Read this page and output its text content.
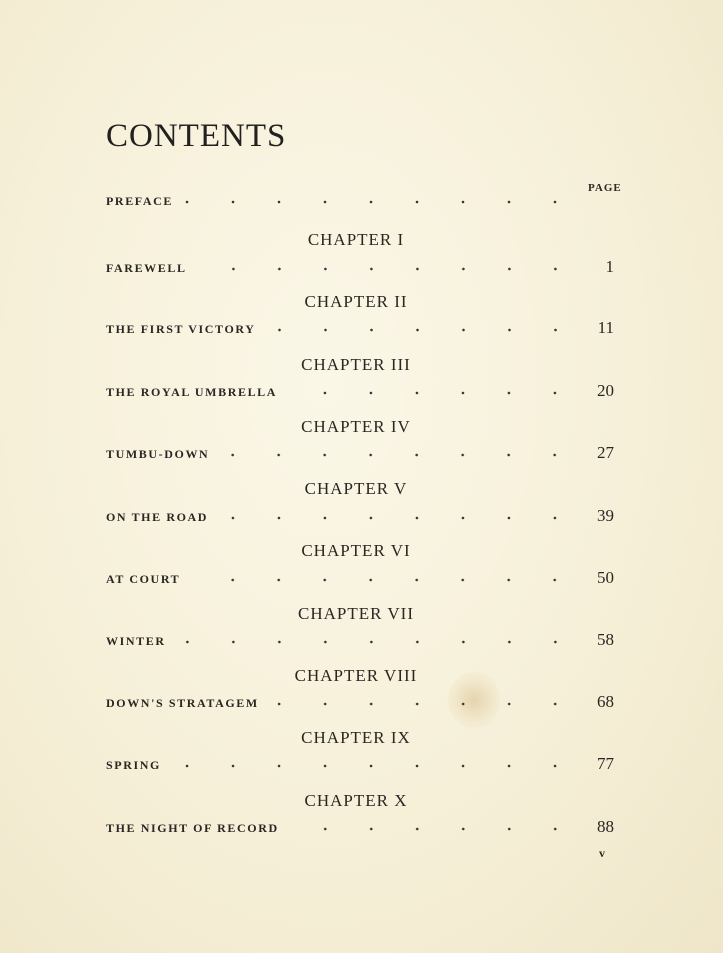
CONTENTS
PAGE
PREFACE
CHAPTER I
FAREWELL	1
CHAPTER II
THE FIRST VICTORY	11
CHAPTER III
THE ROYAL UMBRELLA	20
CHAPTER IV
TUMBU-DOWN	27
CHAPTER V
ON THE ROAD	39
CHAPTER VI
AT COURT	50
CHAPTER VII
WINTER	58
CHAPTER VIII
DOWN'S STRATAGEM	68
CHAPTER IX
SPRING	77
CHAPTER X
THE NIGHT OF RECORD	88
v
